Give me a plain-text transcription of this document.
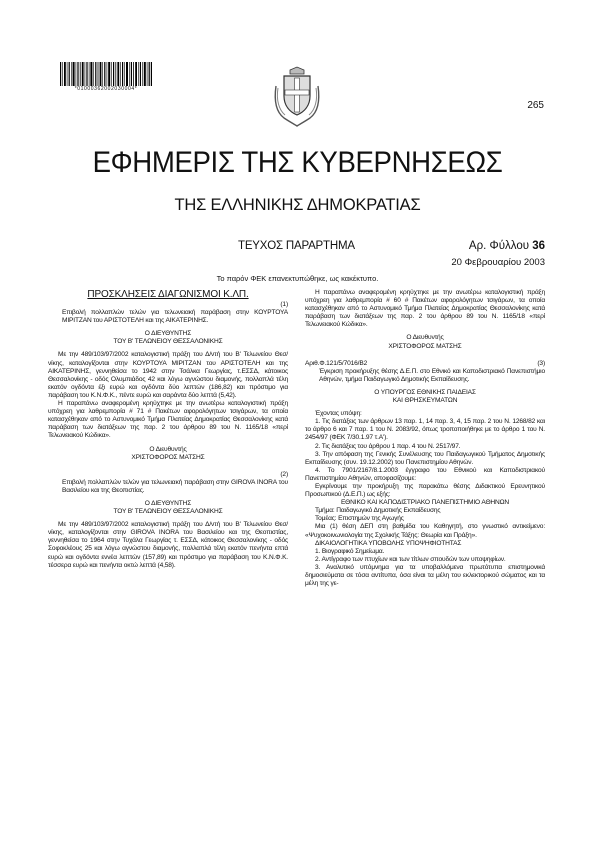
*01000362002030004*
265
ΕΦΗΜΕΡΙΣ ΤΗΣ ΚΥΒΕΡΝΗΣΕΩΣ
ΤΗΣ ΕΛΛΗΝΙΚΗΣ ΔΗΜΟΚΡΑΤΙΑΣ
ΤΕΥΧΟΣ ΠΑΡΑΡΤΗΜΑ	Αρ. Φύλλου 36
20 Φεβρουαρίου 2003
Το παρόν ΦΕΚ επανεκτυπώθηκε, ως κακέκτυπο.

ΠΡΟΣΚΛΗΣΕΙΣ ΔΙΑΓΩΝΙΣΜΟΙ Κ.ΛΠ.

(1)

Επιβολή πολλαπλών τελών για τελωνειακή παράβαση στην ΚΟΥΡΤΟΥΑ ΜΙΡΙΤΖΑΝ του ΑΡΙΣΤΟΤΕΛΗ και της ΑΙΚΑΤΕΡΙΝΗΣ.

Ο ΔΙΕΥΘΥΝΤΗΣ

ΤΟΥ Β' ΤΕΛΩΝΕΙΟΥ ΘΕΣΣΑΛΟΝΙΚΗΣ

Με την 489/103/97/2002 καταλογιστική πράξη του Δ/ντή του Β' Τελωνείου Θεσ/νίκης, καταλογίζονται στην ΚΟΥΡΤΟΥΑ ΜΙΡΙΤΖΑΝ του ΑΡΙΣΤΟΤΕΛΗ και της ΑΙΚΑΤΕΡΙΝΗΣ, γεννηθείσα το 1942 στην Τσάλκα Γεωργίας, τ.ΕΣΣΔ, κάτοικος Θεσσαλονίκης - οδός Ολυμπιάδος 42 και λόγω αγνώστου διαμονής, πολλαπλά τέλη εκατόν ογδόντα έξι ευρώ και ογδόντα δύο λεπτών (186,82) και πρόστιμο για παράβαση του Κ.Ν.Φ.Κ., πέντε ευρώ και σαράντα δύο λεπτά (5,42).

Η παραπάνω αναφερομένη κρηύχτηκε με την ανωτέρω καταλογιστική πράξη υπόχρεη για λαθρεμπορία # 71 # Πακέτων αφορολόγητων τσιγάρων, τα οποία κατασχέθηκαν από το Αστυνομικό Τμήμα Πλατείας Δημοκρατίας Θεσσαλονίκης κατά παράβαση των διατάξεων της παρ. 2 του άρθρου 89 του Ν. 1165/18 «περί Τελωνειακού Κώδικα».

Ο Διευθυντής

ΧΡΙΣΤΟΦΟΡΟΣ ΜΑΤΣΗΣ

(2)

Επιβολή πολλαπλών τελών για τελωνειακή παράβαση στην GIROVA INORA του Βασιλείου και της Θεοπιστίας.

Ο ΔΙΕΥΘΥΝΤΗΣ

ΤΟΥ Β' ΤΕΛΩΝΕΙΟΥ ΘΕΣΣΑΛΟΝΙΚΗΣ

Με την 489/103/97/2002 καταλογιστική πράξη του Δ/ντή του Β' Τελωνείου Θεσ/νίκης, καταλογίζονται στην GIROVA INORA του Βασιλείου και της Θεοπιστίας, γεννηθείσα το 1964 στην Τυχάλα Γεωργίας τ. ΕΣΣΔ, κάτοικος Θεσσαλονίκης - οδός Σοφοκλέους 25 και λόγω αγνώστου διαμονής, πολλαπλά τέλη εκατόν πενήντα επτά ευρώ και ογδόντα εννέα λεπτών (157,89) και πρόστιμο για παράβαση του Κ.Ν.Φ.Κ. τέσσερα ευρώ και πενήντα οκτώ λεπτά (4,58).

Η παραπάνω αναφερομένη κρηύχτηκε με την ανωτέρω καταλογιστική πράξη υπόχρεη για λαθρεμπορία # 60 # Πακέτων αφορολόγητων τσιγάρων, τα οποία κατασχέθηκαν από το Αστυνομικό Τμήμα Πλατείας Δημοκρατίας Θεσσαλονίκης κατά παράβαση των διατάξεων της παρ. 2 του άρθρου 89 του Ν. 1165/18 «περί Τελωνειακού Κώδικα».

Ο Διευθυντής

ΧΡΙΣΤΟΦΟΡΟΣ ΜΑΤΣΗΣ

Αριθ.Φ.121/5/7016/Β2	(3)

Έγκριση προκήρυξης θέσης Δ.Ε.Π. στο Εθνικό και Καποδιστριακό Πανεπιστήμιο Αθηνών, τμήμα Παιδαγωγικό Δημοτικής Εκπαίδευσης.

Ο ΥΠΟΥΡΓΟΣ ΕΘΝΙΚΗΣ ΠΑΙΔΕΙΑΣ

ΚΑΙ ΘΡΗΣΚΕΥΜΑΤΩΝ

Έχοντας υπόψη:

1. Τις διατάξεις των άρθρων 13 παρ. 1, 14 παρ. 3, 4, 15 παρ. 2 του Ν. 1268/82 και το άρθρο 6 και 7 παρ. 1 του Ν. 2083/92, όπως τροποποιήθηκε με το άρθρο 1 του Ν. 2454/97 (ΦΕΚ 7/30.1.97 τ.Α').

2. Τις διατάξεις του άρθρου 1 παρ. 4 του Ν. 2517/97.

3. Την απόφαση της Γενικής Συνέλευσης του Παιδαγωγικού Τμήματος Δημοτικής Εκπαίδευσης (συν. 19.12.2002) του Πανεπιστημίου Αθηνών.

4. Το 7901/2167/8.1.2003 έγγραφο του Εθνικού και Καποδιστριακού Πανεπιστημίου Αθηνών, αποφασίζουμε:

Εγκρίνουμε την προκήρυξη της παρακάτω θέσης Διδακτικού Ερευνητικού Προσωπικού (Δ.Ε.Π.) ως εξής:

ΕΘΝΙΚΟ ΚΑΙ ΚΑΠΟΔΙΣΤΡΙΑΚΟ ΠΑΝΕΠΙΣΤΗΜΙΟ ΑΘΗΝΩΝ

Τμήμα: Παιδαγωγικό Δημοτικής Εκπαίδευσης

Τομέας: Επιστημών της Αγωγής

Μια (1) θέση ΔΕΠ στη βαθμίδα του Καθηγητή, στο γνωστικό αντικείμενο: «Ψυχοκοινωνιολογία της Σχολικής Τάξης: Θεωρία και Πράξη».

ΔΙΚΑΙΟΛΟΓΗΤΙΚΑ ΥΠΟΒΟΛΗΣ ΥΠΟΨΗΦΙΟΤΗΤΑΣ

1. Βιογραφικό Σημείωμα.

2. Αντίγραφο των πτυχίων και των τίτλων σπουδών των υποψηφίων.

3. Αναλυτικό υπόμνημα για τα υποβαλλόμενα πρωτότυπα επιστημονικά δημοσιεύματα σε τόσα αντίτυπα, όσα είναι τα μέλη του εκλεκτορικού σώματος και τα μέλη της γε-
